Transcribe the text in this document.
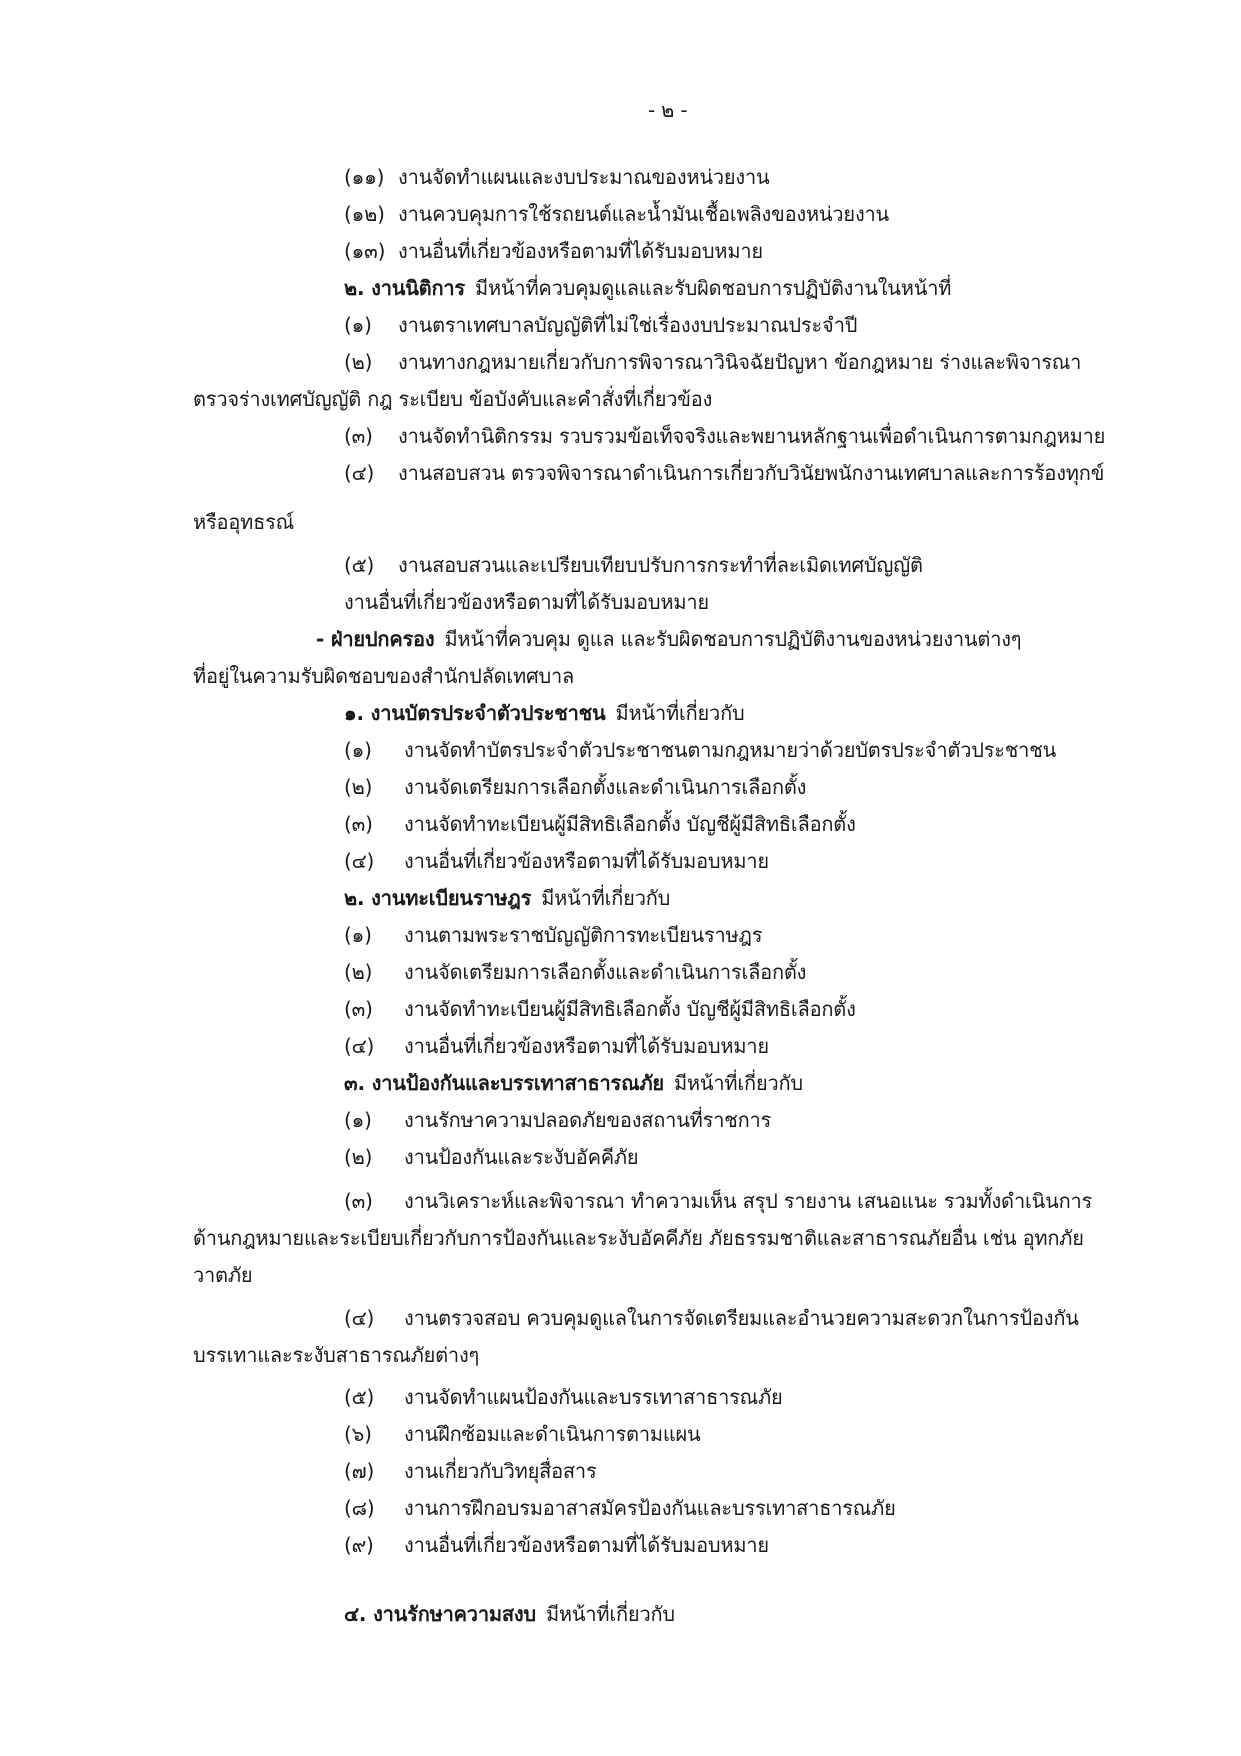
- ๒ -
(๑๑) งานจัดทำแผนและงบประมาณของหน่วยงาน
(๑๒) งานควบคุมการใช้รถยนต์และน้ำมันเชื้อเพลิงของหน่วยงาน
(๑๓) งานอื่นที่เกี่ยวข้องหรือตามที่ได้รับมอบหมาย
๒. งานนิติการ มีหน้าที่ควบคุมดูแลและรับผิดชอบการปฏิบัติงานในหน้าที่
(๑) งานตราเทศบาลบัญญัติที่ไม่ใช่เรื่องงบประมาณประจำปี
(๒) งานทางกฎหมายเกี่ยวกับการพิจารณาวินิจฉัยปัญหา ข้อกฎหมาย ร่างและพิจารณา
ตรวจร่างเทศบัญญัติ กฎ ระเบียบ ข้อบังคับและคำสั่งที่เกี่ยวข้อง
(๓) งานจัดทำนิติกรรม รวบรวมข้อเท็จจริงและพยานหลักฐานเพื่อดำเนินการตามกฎหมาย
(๔) งานสอบสวน ตรวจพิจารณาดำเนินการเกี่ยวกับวินัยพนักงานเทศบาลและการร้องทุกข์
หรืออุทธรณ์
(๕) งานสอบสวนและเปรียบเทียบปรับการกระทำที่ละเมิดเทศบัญญัติ
งานอื่นที่เกี่ยวข้องหรือตามที่ได้รับมอบหมาย
- ฝ่ายปกครอง มีหน้าที่ควบคุม ดูแล และรับผิดชอบการปฏิบัติงานของหน่วยงานต่างๆ
ที่อยู่ในความรับผิดชอบของสำนักปลัดเทศบาล
๑. งานบัตรประจำตัวประชาชน มีหน้าที่เกี่ยวกับ
(๑) งานจัดทำบัตรประจำตัวประชาชนตามกฎหมายว่าด้วยบัตรประจำตัวประชาชน
(๒) งานจัดเตรียมการเลือกตั้งและดำเนินการเลือกตั้ง
(๓) งานจัดทำทะเบียนผู้มีสิทธิเลือกตั้ง บัญชีผู้มีสิทธิเลือกตั้ง
(๔) งานอื่นที่เกี่ยวข้องหรือตามที่ได้รับมอบหมาย
๒. งานทะเบียนราษฎร มีหน้าที่เกี่ยวกับ
(๑) งานตามพระราชบัญญัติการทะเบียนราษฎร
(๒) งานจัดเตรียมการเลือกตั้งและดำเนินการเลือกตั้ง
(๓) งานจัดทำทะเบียนผู้มีสิทธิเลือกตั้ง บัญชีผู้มีสิทธิเลือกตั้ง
(๔) งานอื่นที่เกี่ยวข้องหรือตามที่ได้รับมอบหมาย
๓. งานป้องกันและบรรเทาสาธารณภัย มีหน้าที่เกี่ยวกับ
(๑) งานรักษาความปลอดภัยของสถานที่ราชการ
(๒) งานป้องกันและระงับอัคคีภัย
(๓) งานวิเคราะห์และพิจารณา ทำความเห็น สรุป รายงาน เสนอแนะ รวมทั้งดำเนินการ
ด้านกฎหมายและระเบียบเกี่ยวกับการป้องกันและระงับอัคคีภัย ภัยธรรมชาติและสาธารณภัยอื่น เช่น อุทกภัย
วาตภัย
(๔) งานตรวจสอบ ควบคุมดูแลในการจัดเตรียมและอำนวยความสะดวกในการป้องกัน
บรรเทาและระงับสาธารณภัยต่างๆ
(๕) งานจัดทำแผนป้องกันและบรรเทาสาธารณภัย
(๖) งานฝึกซ้อมและดำเนินการตามแผน
(๗) งานเกี่ยวกับวิทยุสื่อสาร
(๘) งานการฝึกอบรมอาสาสมัครป้องกันและบรรเทาสาธารณภัย
(๙) งานอื่นที่เกี่ยวข้องหรือตามที่ได้รับมอบหมาย
๔. งานรักษาความสงบ มีหน้าที่เกี่ยวกับ
